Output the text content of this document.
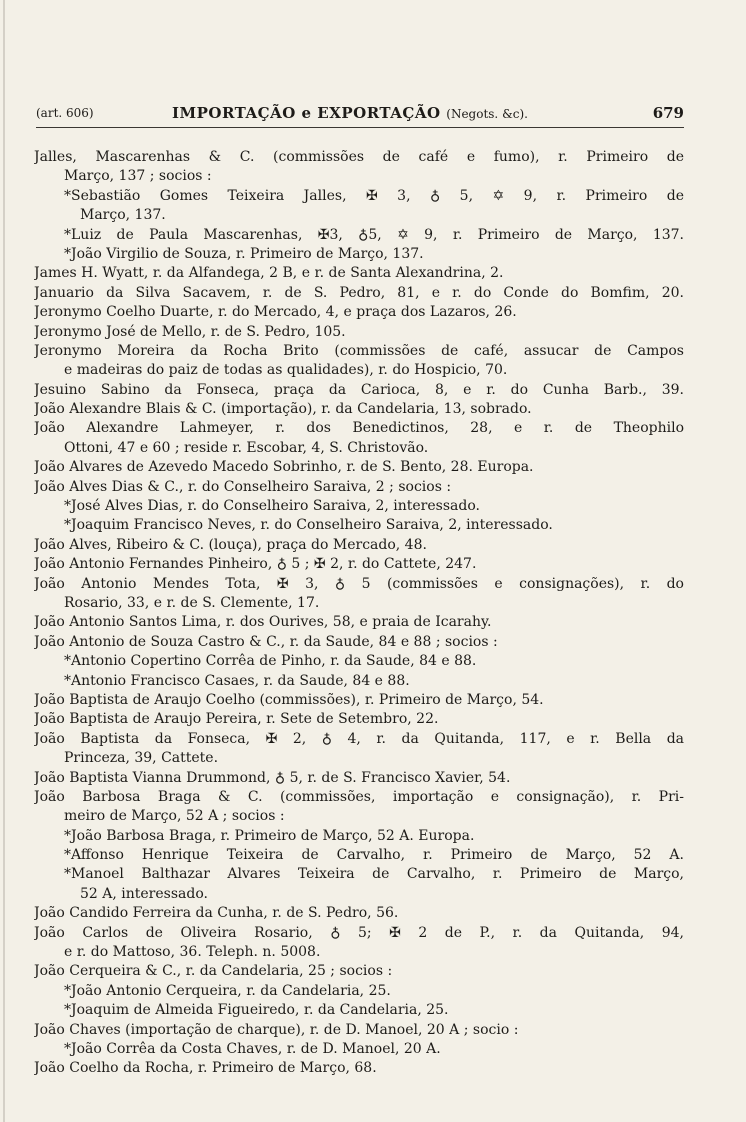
(art. 606)	IMPORTAÇÃO e EXPORTAÇÃO (Negots. &c).	679
Jalles, Mascarenhas & C. (commissões de café e fumo), r. Primeiro de
Março, 137 ; socios :
*Sebastião Gomes Teixeira Jalles, ✠ 3, ♁ 5, ✡ 9, r. Primeiro de
Março, 137.
*Luiz de Paula Mascarenhas, ✠3, ♁5, ✡ 9, r. Primeiro de Março, 137.
*João Virgilio de Souza, r. Primeiro de Março, 137.
James H. Wyatt, r. da Alfandega, 2 B, e r. de Santa Alexandrina, 2.
Januario da Silva Sacavem, r. de S. Pedro, 81, e r. do Conde do Bomfim, 20.
Jeronymo Coelho Duarte, r. do Mercado, 4, e praça dos Lazaros, 26.
Jeronymo José de Mello, r. de S. Pedro, 105.
Jeronymo Moreira da Rocha Brito (commissões de café, assucar de Campos
e madeiras do paiz de todas as qualidades), r. do Hospicio, 70.
Jesuino Sabino da Fonseca, praça da Carioca, 8, e r. do Cunha Barb., 39.
João Alexandre Blais & C. (importação), r. da Candelaria, 13, sobrado.
João Alexandre Lahmeyer, r. dos Benedictinos, 28, e r. de Theophilo
Ottoni, 47 e 60 ; reside r. Escobar, 4, S. Christovão.
João Alvares de Azevedo Macedo Sobrinho, r. de S. Bento, 28. Europa.
João Alves Dias & C., r. do Conselheiro Saraiva, 2 ; socios :
*José Alves Dias, r. do Conselheiro Saraiva, 2, interessado.
*Joaquim Francisco Neves, r. do Conselheiro Saraiva, 2, interessado.
João Alves, Ribeiro & C. (louça), praça do Mercado, 48.
João Antonio Fernandes Pinheiro, ♁ 5 ; ✠ 2, r. do Cattete, 247.
João Antonio Mendes Tota, ✠ 3, ♁ 5 (commissões e consignações), r. do
Rosario, 33, e r. de S. Clemente, 17.
João Antonio Santos Lima, r. dos Ourives, 58, e praia de Icarahy.
João Antonio de Souza Castro & C., r. da Saude, 84 e 88 ; socios :
*Antonio Copertino Corrêa de Pinho, r. da Saude, 84 e 88.
*Antonio Francisco Casaes, r. da Saude, 84 e 88.
João Baptista de Araujo Coelho (commissões), r. Primeiro de Março, 54.
João Baptista de Araujo Pereira, r. Sete de Setembro, 22.
João Baptista da Fonseca, ✠ 2, ♁ 4, r. da Quitanda, 117, e r. Bella da
Princeza, 39, Cattete.
João Baptista Vianna Drummond, ♁ 5, r. de S. Francisco Xavier, 54.
João Barbosa Braga & C. (commissões, importação e consignação), r. Pri-
meiro de Março, 52 A ; socios :
*João Barbosa Braga, r. Primeiro de Março, 52 A. Europa.
*Affonso Henrique Teixeira de Carvalho, r. Primeiro de Março, 52 A.
*Manoel Balthazar Alvares Teixeira de Carvalho, r. Primeiro de Março,
52 A, interessado.
João Candido Ferreira da Cunha, r. de S. Pedro, 56.
João Carlos de Oliveira Rosario, ♁ 5; ✠ 2 de P., r. da Quitanda, 94,
e r. do Mattoso, 36. Teleph. n. 5008.
João Cerqueira & C., r. da Candelaria, 25 ; socios :
*João Antonio Cerqueira, r. da Candelaria, 25.
*Joaquim de Almeida Figueiredo, r. da Candelaria, 25.
João Chaves (importação de charque), r. de D. Manoel, 20 A ; socio :
*João Corrêa da Costa Chaves, r. de D. Manoel, 20 A.
João Coelho da Rocha, r. Primeiro de Março, 68.
